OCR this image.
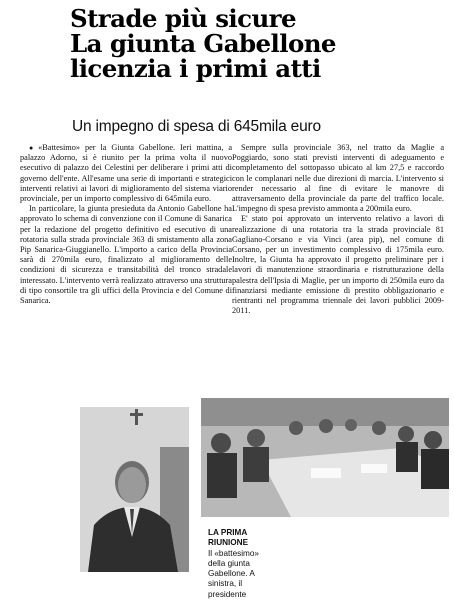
Strade più sicure
La giunta Gabellone
licenzia i primi atti
Un impegno di spesa di 645mila euro

● «Battesimo» per la Giunta Gabellone. Ieri mattina, a palazzo Adorno, si è riunito per la prima volta il nuovo esecutivo di palazzo dei Celestini per deliberare i primi atti di governo dell'ente. All'esame una serie di importanti e strategici interventi relativi ai lavori di miglioramento del sistema viario provinciale, per un importo complessivo di 645mila euro.

In particolare, la giunta presieduta da Antonio Gabellone ha approvato lo schema di convenzione con il Comune di Sanarica per la redazione del progetto definitivo ed esecutivo di una rotatoria sulla strada provinciale 363 di smistamento alla zona Pip Sanarica-Giuggianello. L'importo a carico della Provincia sarà di 270mila euro, finalizzato al miglioramento delle condizioni di sicurezza e transitabilità del tronco stradale interessato. L'intervento verrà realizzato attraverso una struttura di tipo consortile tra gli uffici della Provincia e del Comune di Sanarica.

Sempre sulla provinciale 363, nel tratto da Maglie a Poggiardo, sono stati previsti interventi di adeguamento e completamento del sottopasso ubicato al km 27,5 e raccordo con le complanari nelle due direzioni di marcia. L'intervento si render necessario al fine di evitare le manovre di attraversamento della provinciale da parte del traffico locale. L'impegno di spesa previsto ammonta a 200mila euro.

E' stato poi approvato un intervento relativo a lavori di realizzazione di una rotatoria tra la strada provinciale 81 Gagliano-Corsano e via Vinci (area pip), nel comune di Corsano, per un investimento complessivo di 175mila euro. Inoltre, la Giunta ha approvato il progetto preliminare per i lavori di manutenzione straordinaria e ristrutturazione della palestra dell'Ipsia di Maglie, per un importo di 250mila euro da finanziarsi mediante emissione di prestito obbligazionario e rientranti nel programma triennale dei lavori pubblici 2009-2011.

LA PRIMA RIUNIONE
Il «battesimo» della giunta Gabellone. A sinistra, il presidente
